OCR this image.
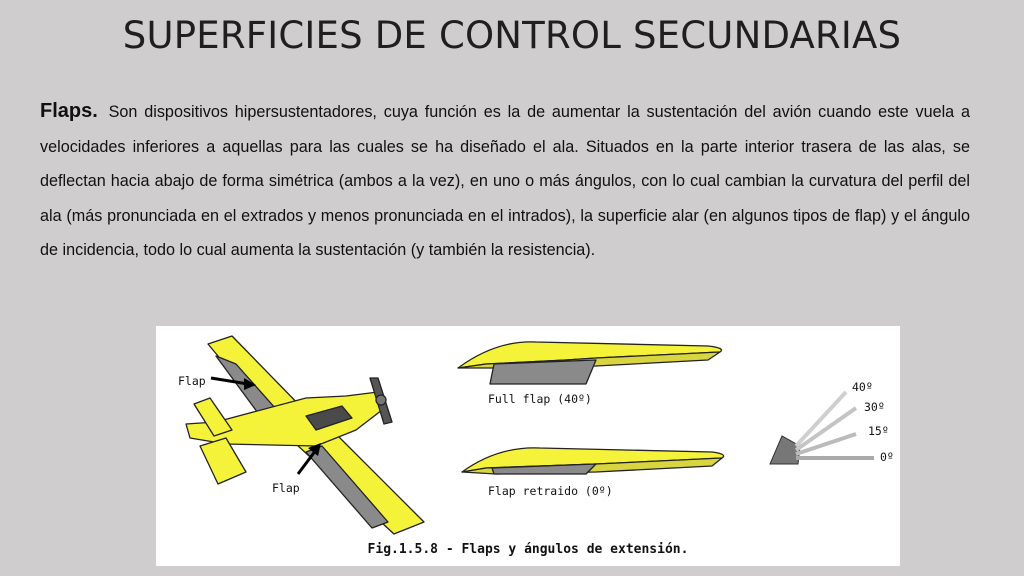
SUPERFICIES DE CONTROL SECUNDARIAS
Flaps. Son dispositivos hipersustentadores, cuya función es la de aumentar la sustentación del avión cuando este vuela a velocidades inferiores a aquellas para las cuales se ha diseñado el ala. Situados en la parte interior trasera de las alas, se deflectan hacia abajo de forma simétrica (ambos a la vez), en uno o más ángulos, con lo cual cambian la curvatura del perfil del ala (más pronunciada en el extrados y menos pronunciada en el intrados), la superficie alar (en algunos tipos de flap) y el ángulo de incidencia, todo lo cual aumenta la sustentación (y también la resistencia).
Flap
Flap
Full flap (40º)
Flap retraido (0º)
40º
30º
15º
0º
Fig.1.5.8 - Flaps y ángulos de extensión.
